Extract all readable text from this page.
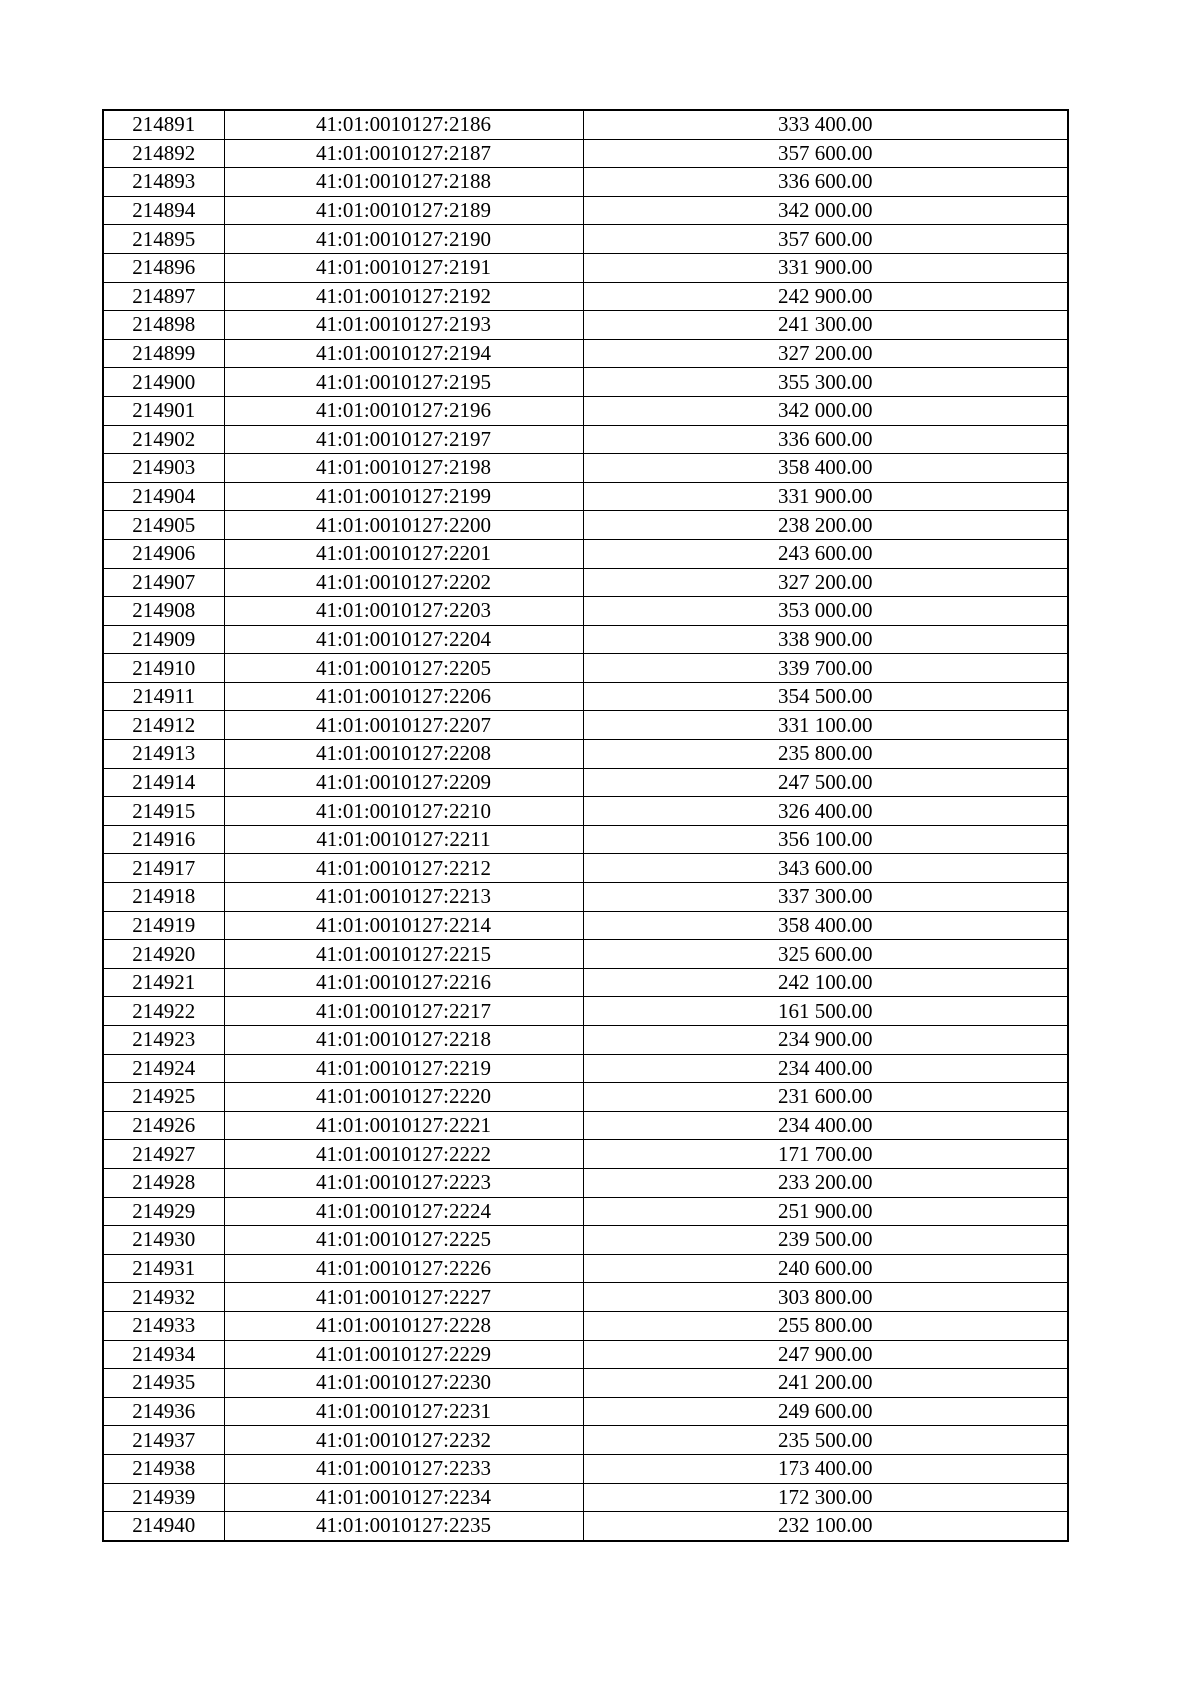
214891	41:01:0010127:2186	333 400.00
214892	41:01:0010127:2187	357 600.00
214893	41:01:0010127:2188	336 600.00
214894	41:01:0010127:2189	342 000.00
214895	41:01:0010127:2190	357 600.00
214896	41:01:0010127:2191	331 900.00
214897	41:01:0010127:2192	242 900.00
214898	41:01:0010127:2193	241 300.00
214899	41:01:0010127:2194	327 200.00
214900	41:01:0010127:2195	355 300.00
214901	41:01:0010127:2196	342 000.00
214902	41:01:0010127:2197	336 600.00
214903	41:01:0010127:2198	358 400.00
214904	41:01:0010127:2199	331 900.00
214905	41:01:0010127:2200	238 200.00
214906	41:01:0010127:2201	243 600.00
214907	41:01:0010127:2202	327 200.00
214908	41:01:0010127:2203	353 000.00
214909	41:01:0010127:2204	338 900.00
214910	41:01:0010127:2205	339 700.00
214911	41:01:0010127:2206	354 500.00
214912	41:01:0010127:2207	331 100.00
214913	41:01:0010127:2208	235 800.00
214914	41:01:0010127:2209	247 500.00
214915	41:01:0010127:2210	326 400.00
214916	41:01:0010127:2211	356 100.00
214917	41:01:0010127:2212	343 600.00
214918	41:01:0010127:2213	337 300.00
214919	41:01:0010127:2214	358 400.00
214920	41:01:0010127:2215	325 600.00
214921	41:01:0010127:2216	242 100.00
214922	41:01:0010127:2217	161 500.00
214923	41:01:0010127:2218	234 900.00
214924	41:01:0010127:2219	234 400.00
214925	41:01:0010127:2220	231 600.00
214926	41:01:0010127:2221	234 400.00
214927	41:01:0010127:2222	171 700.00
214928	41:01:0010127:2223	233 200.00
214929	41:01:0010127:2224	251 900.00
214930	41:01:0010127:2225	239 500.00
214931	41:01:0010127:2226	240 600.00
214932	41:01:0010127:2227	303 800.00
214933	41:01:0010127:2228	255 800.00
214934	41:01:0010127:2229	247 900.00
214935	41:01:0010127:2230	241 200.00
214936	41:01:0010127:2231	249 600.00
214937	41:01:0010127:2232	235 500.00
214938	41:01:0010127:2233	173 400.00
214939	41:01:0010127:2234	172 300.00
214940	41:01:0010127:2235	232 100.00
